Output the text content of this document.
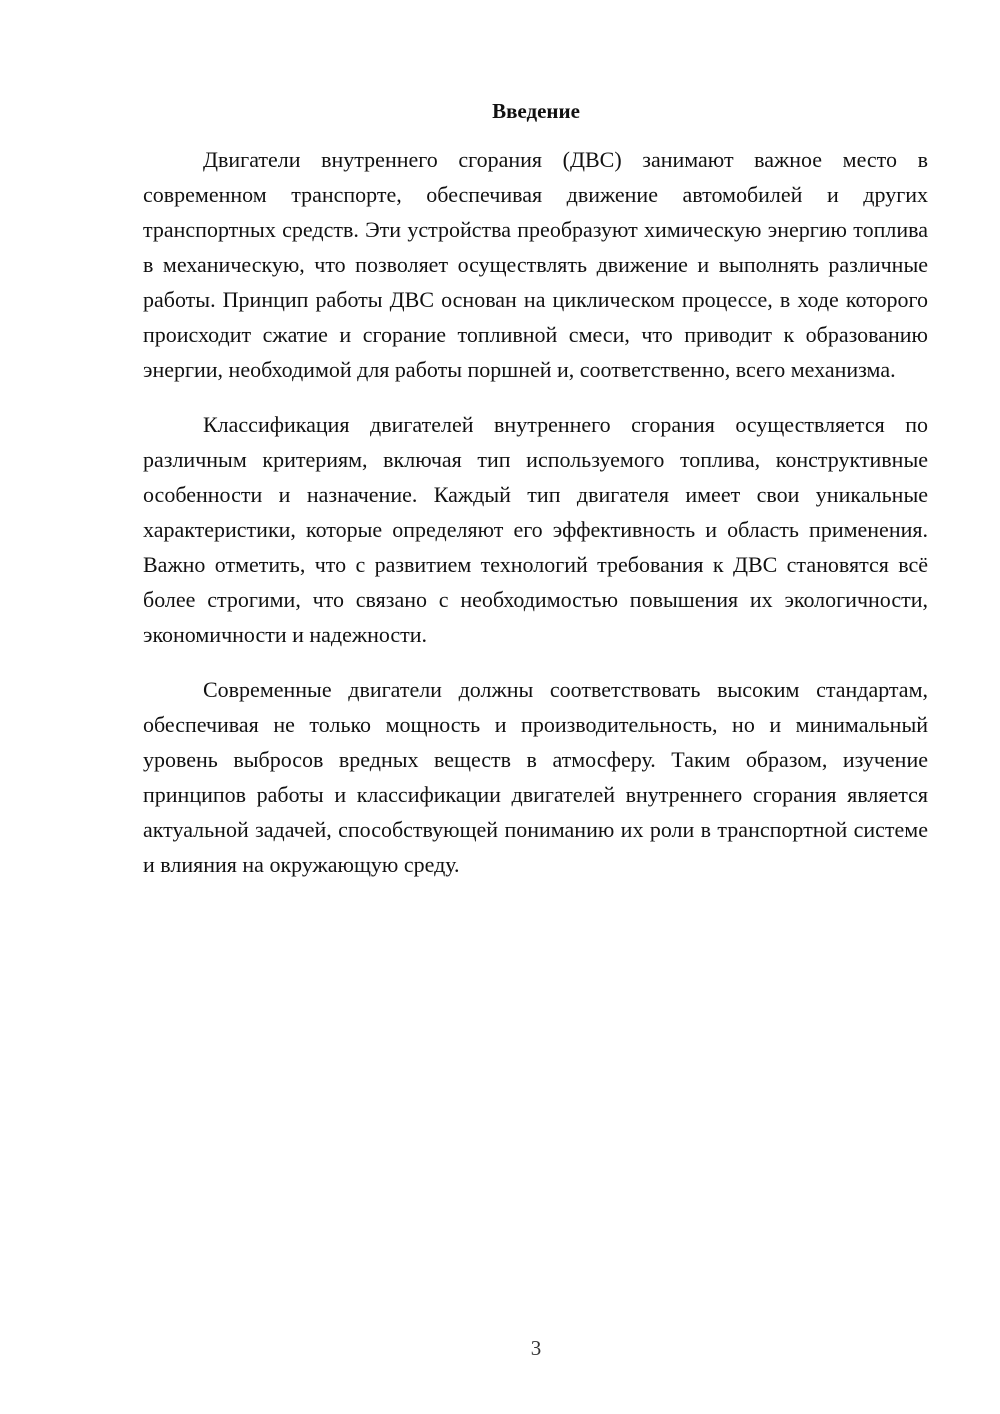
Введение

Двигатели внутреннего сгорания (ДВС) занимают важное место в современном транспорте, обеспечивая движение автомобилей и других транспортных средств. Эти устройства преобразуют химическую энергию топлива в механическую, что позволяет осуществлять движение и выполнять различные работы. Принцип работы ДВС основан на циклическом процессе, в ходе которого происходит сжатие и сгорание топливной смеси, что приводит к образованию энергии, необходимой для работы поршней и, соответственно, всего механизма.

Классификация двигателей внутреннего сгорания осуществляется по различным критериям, включая тип используемого топлива, конструктивные особенности и назначение. Каждый тип двигателя имеет свои уникальные характеристики, которые определяют его эффективность и область применения. Важно отметить, что с развитием технологий требования к ДВС становятся всё более строгими, что связано с необходимостью повышения их экологичности, экономичности и надежности.

Современные двигатели должны соответствовать высоким стандартам, обеспечивая не только мощность и производительность, но и минимальный уровень выбросов вредных веществ в атмосферу. Таким образом, изучение принципов работы и классификации двигателей внутреннего сгорания является актуальной задачей, способствующей пониманию их роли в транспортной системе и влияния на окружающую среду.

3
